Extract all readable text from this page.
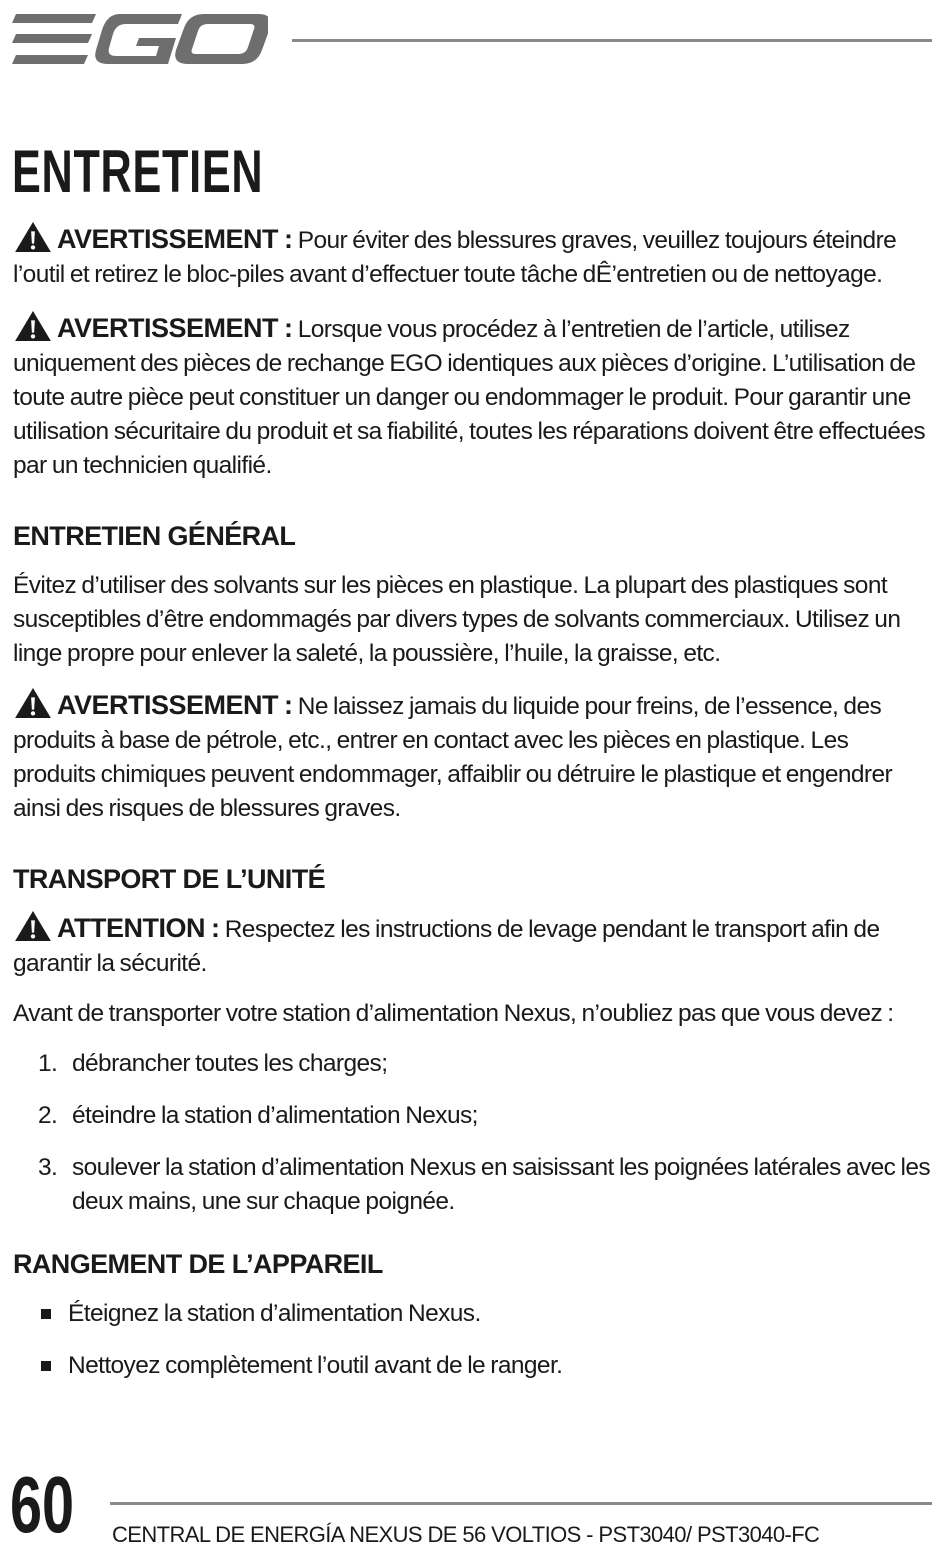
ENTRETIEN

AVERTISSEMENT : Pour éviter des blessures graves, veuillez toujours éteindre l’outil et retirez le bloc-piles avant d’effectuer toute tâche dÊ’entretien ou de nettoyage.

AVERTISSEMENT : Lorsque vous procédez à l’entretien de l’article, utilisez uniquement des pièces de rechange EGO identiques aux pièces d’origine. L’utilisation de toute autre pièce peut constituer un danger ou endommager le produit. Pour garantir une utilisation sécuritaire du produit et sa fiabilité, toutes les réparations doivent être effectuées par un technicien qualifié.

ENTRETIEN GÉNÉRAL

Évitez d’utiliser des solvants sur les pièces en plastique. La plupart des plastiques sont susceptibles d’être endommagés par divers types de solvants commerciaux. Utilisez un linge propre pour enlever la saleté, la poussière, l’huile, la graisse, etc.

AVERTISSEMENT : Ne laissez jamais du liquide pour freins, de l’essence, des produits à base de pétrole, etc., entrer en contact avec les pièces en plastique. Les produits chimiques peuvent endommager, affaiblir ou détruire le plastique et engendrer ainsi des risques de blessures graves.

TRANSPORT DE L’UNITÉ

ATTENTION : Respectez les instructions de levage pendant le transport afin de garantir la sécurité.

Avant de transporter votre station d’alimentation Nexus, n’oubliez pas que vous devez :

1. débrancher toutes les charges;
2. éteindre la station d’alimentation Nexus;
3. soulever la station d’alimentation Nexus en saisissant les poignées latérales avec les deux mains, une sur chaque poignée.
RANGEMENT DE L’APPAREIL
Éteignez la station d’alimentation Nexus.
Nettoyez complètement l’outil avant de le ranger.
60 CENTRAL DE ENERGÍA NEXUS DE 56 VOLTIOS - PST3040/ PST3040-FC
